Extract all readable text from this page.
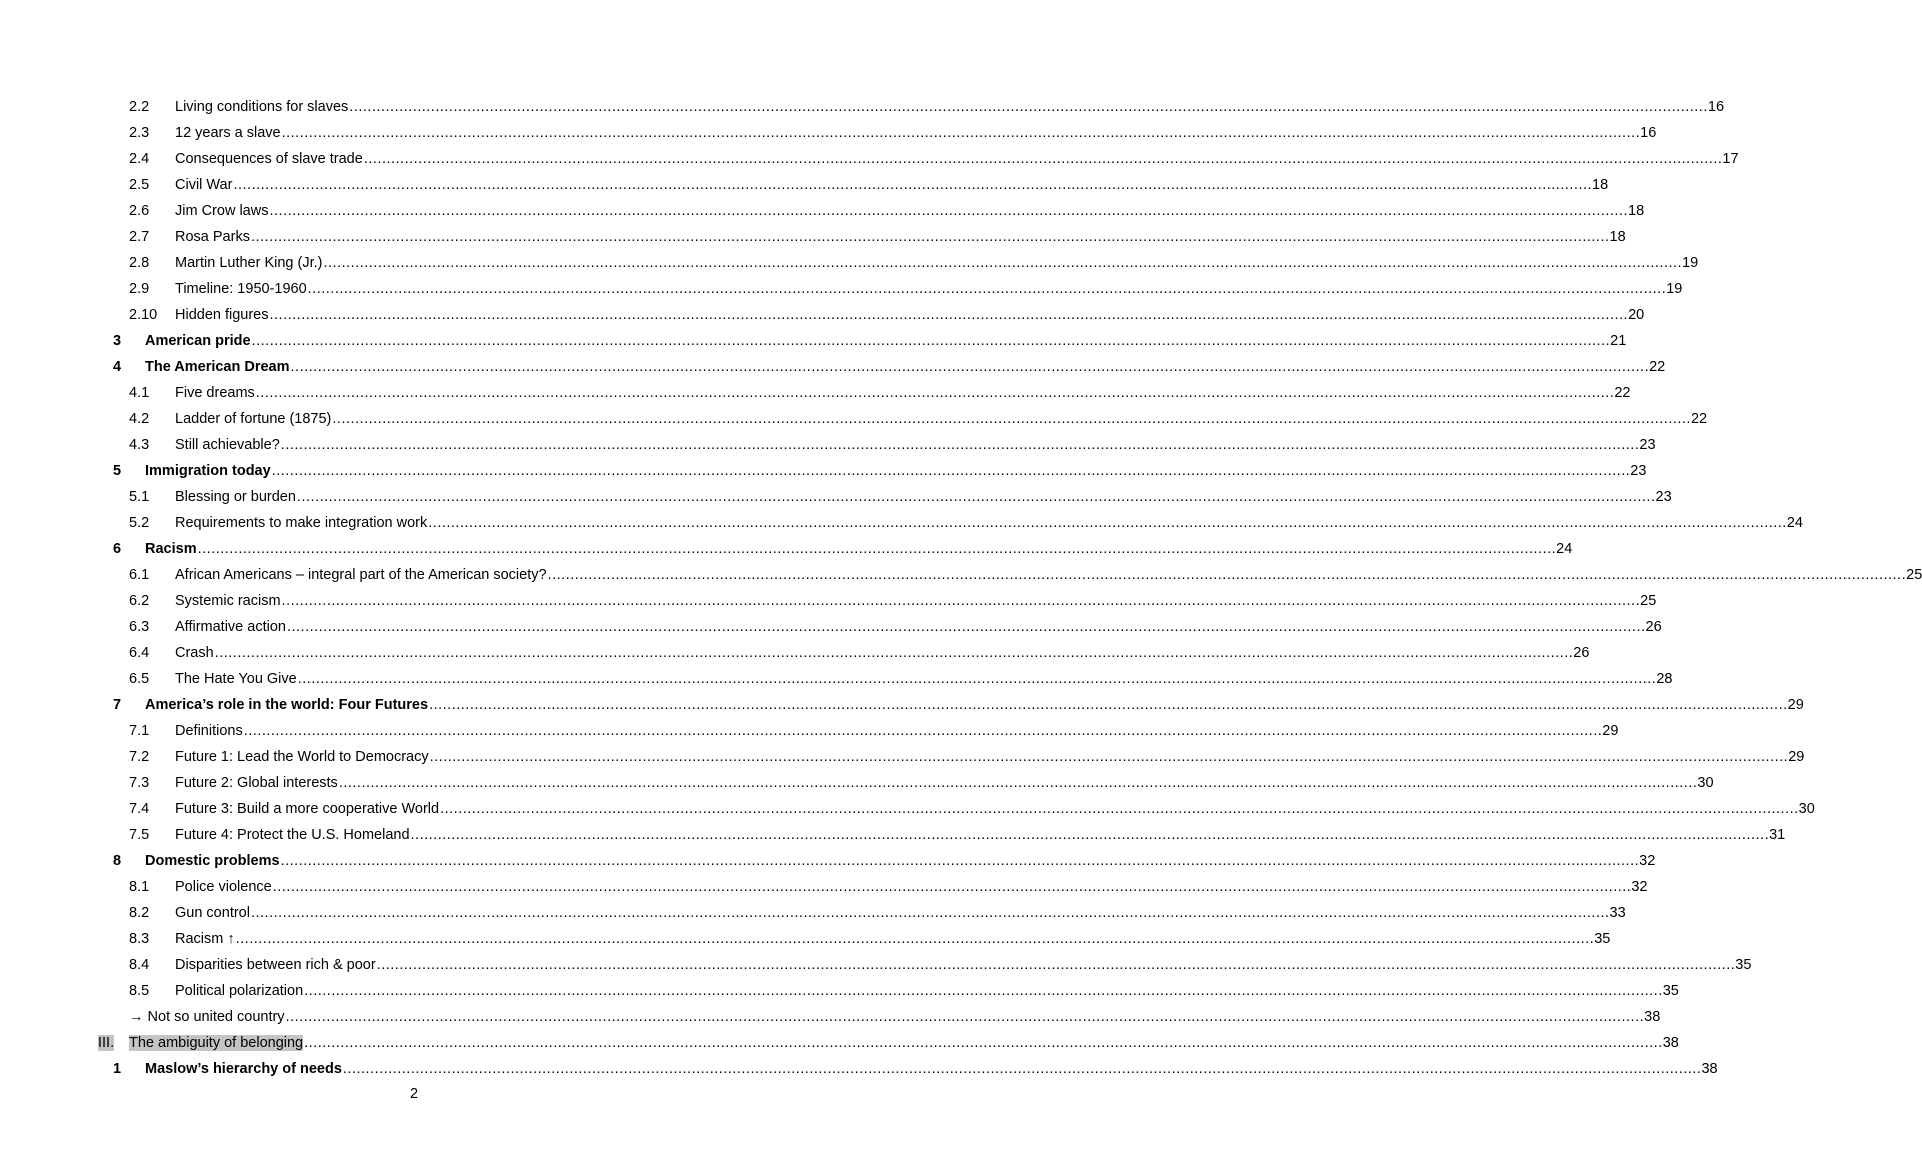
2.2 Living conditions for slaves ............................................................................................................................................................................................................................................................................................................ 16
2.3 12 years a slave ............................................................................................................................................................................................................................................................................................................ 16
2.4 Consequences of slave trade ............................................................................................................................................................................................................................................................................................................ 17
2.5 Civil War ............................................................................................................................................................................................................................................................................................................ 18
2.6 Jim Crow laws ............................................................................................................................................................................................................................................................................................................ 18
2.7 Rosa Parks ............................................................................................................................................................................................................................................................................................................ 18
2.8 Martin Luther King (Jr.) ............................................................................................................................................................................................................................................................................................................ 19
2.9 Timeline: 1950-1960 ............................................................................................................................................................................................................................................................................................................ 19
2.10 Hidden figures ............................................................................................................................................................................................................................................................................................................ 20
3 American pride ............................................................................................................................................................................................................................................................................................................ 21
4 The American Dream ............................................................................................................................................................................................................................................................................................................ 22
4.1 Five dreams ............................................................................................................................................................................................................................................................................................................ 22
4.2 Ladder of fortune (1875) ............................................................................................................................................................................................................................................................................................................ 22
4.3 Still achievable? ............................................................................................................................................................................................................................................................................................................ 23
5 Immigration today ............................................................................................................................................................................................................................................................................................................ 23
5.1 Blessing or burden ............................................................................................................................................................................................................................................................................................................ 23
5.2 Requirements to make integration work ............................................................................................................................................................................................................................................................................................................ 24
6 Racism ............................................................................................................................................................................................................................................................................................................ 24
6.1 African Americans – integral part of the American society? ............................................................................................................................................................................................................................................................................................................ 25
6.2 Systemic racism ............................................................................................................................................................................................................................................................................................................ 25
6.3 Affirmative action ............................................................................................................................................................................................................................................................................................................ 26
6.4 Crash ............................................................................................................................................................................................................................................................................................................ 26
6.5 The Hate You Give ............................................................................................................................................................................................................................................................................................................ 28
7 America’s role in the world: Four Futures ............................................................................................................................................................................................................................................................................................................ 29
7.1 Definitions ............................................................................................................................................................................................................................................................................................................ 29
7.2 Future 1: Lead the World to Democracy ............................................................................................................................................................................................................................................................................................................ 29
7.3 Future 2: Global interests ............................................................................................................................................................................................................................................................................................................ 30
7.4 Future 3: Build a more cooperative World ............................................................................................................................................................................................................................................................................................................ 30
7.5 Future 4: Protect the U.S. Homeland ............................................................................................................................................................................................................................................................................................................ 31
8 Domestic problems ............................................................................................................................................................................................................................................................................................................ 32
8.1 Police violence ............................................................................................................................................................................................................................................................................................................ 32
8.2 Gun control ............................................................................................................................................................................................................................................................................................................ 33
8.3 Racism ↑ ............................................................................................................................................................................................................................................................................................................ 35
8.4 Disparities between rich & poor ............................................................................................................................................................................................................................................................................................................ 35
8.5 Political polarization ............................................................................................................................................................................................................................................................................................................ 35
→ Not so united country ............................................................................................................................................................................................................................................................................................................ 38
III. The ambiguity of belonging ............................................................................................................................................................................................................................................................................................................ 38
1 Maslow’s hierarchy of needs ............................................................................................................................................................................................................................................................................................................ 38
2
